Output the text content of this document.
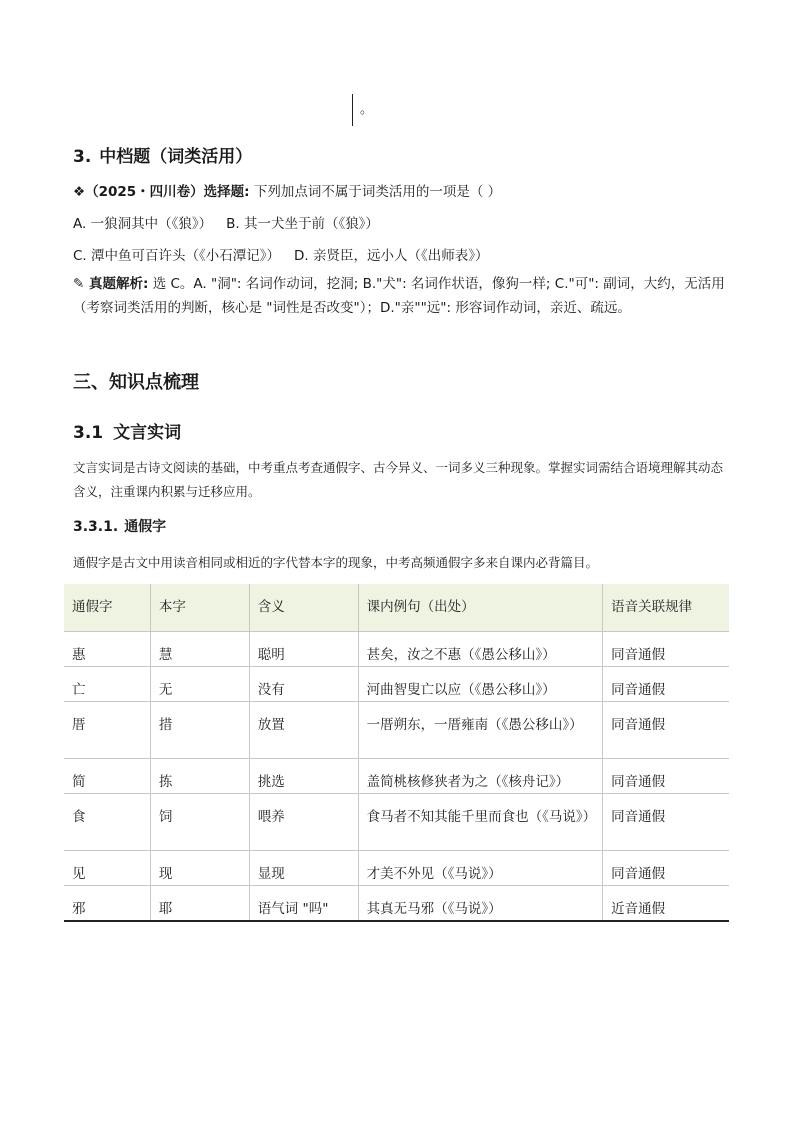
。
3. 中档题（词类活用）
❖（2025・四川卷）选择题: 下列加点词不属于词类活用的一项是（ ）
A. 一狼洞其中（《狼》） B. 其一犬坐于前（《狼》）
C. 潭中鱼可百许头（《小石潭记》） D. 亲贤臣，远小人（《出师表》）
✎ 真题解析: 选 C。A. "洞": 名词作动词，挖洞; B."犬": 名词作状语，像狗一样; C."可": 副词，大约，无活用（考察词类活用的判断，核心是 "词性是否改变"）；D."亲""远": 形容词作动词，亲近、疏远。
三、知识点梳理
3.1 文言实词
文言实词是古诗文阅读的基础，中考重点考查通假字、古今异义、一词多义三种现象。掌握实词需结合语境理解其动态含义，注重课内积累与迁移应用。
3.3.1. 通假字
通假字是古文中用读音相同或相近的字代替本字的现象，中考高频通假字多来自课内必背篇目。
通假字	本字	含义	课内例句（出处）	语音关联规律
惠	慧	聪明	甚矣，汝之不惠（《愚公移山》）	同音通假
亡	无	没有	河曲智叟亡以应（《愚公移山》）	同音通假
厝	措	放置	一厝朔东，一厝雍南（《愚公移山》）	同音通假
简	拣	挑选	盖简桃核修狭者为之（《核舟记》）	同音通假
食	饲	喂养	食马者不知其能千里而食也（《马说》）	同音通假
见	现	显现	才美不外见（《马说》）	同音通假
邪	耶	语气词 "吗"	其真无马邪（《马说》）	近音通假
